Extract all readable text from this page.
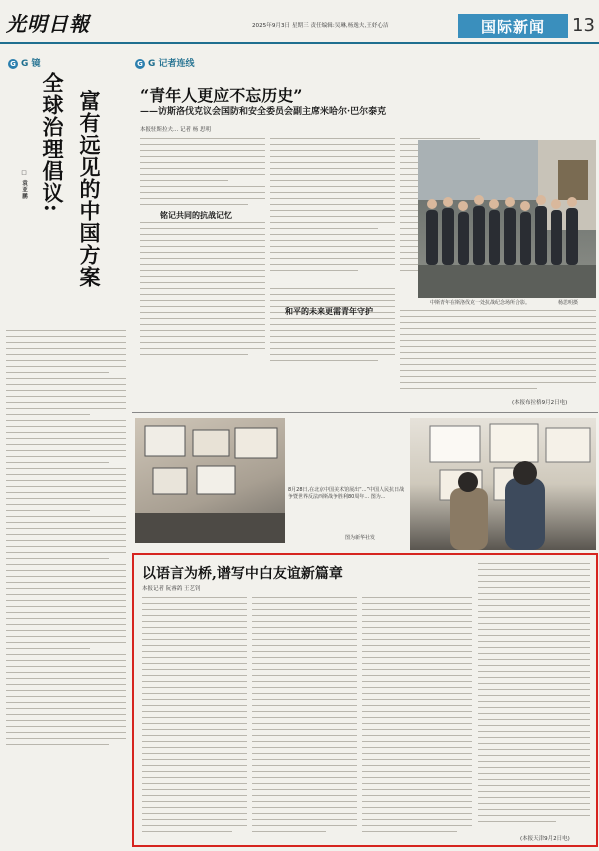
光明日報	2025年9月3日 星期三 责任编辑:吴琳,杨逸夫,王妤心洁	国际新闻	13
G G 镜
富有远见的中国方案
全球治理倡议:
□ 袁亚鹏
G G 记者连线
“青年人更应不忘历史”
——访斯洛伐克议会国防和安全委员会副主席米哈尔·巴尔泰克
本报驻斯拉夫... 记者 杨 思明
铭记共同的抗战记忆
和平的未来更需青年守护
中斯青年在斯洛伐克一处抗战纪念场所合影。	杨思明摄
(本报布拉格9月2日电)
8月28日,在北京中国美术馆展出“...”中国人民抗日战争暨世界反法西斯战争胜利80周年... 图为...
图为新华社发
以语言为桥,谱写中白友谊新篇章
本报记者 阮睿鸽 王艺钊
(本报天津9月2日电)
